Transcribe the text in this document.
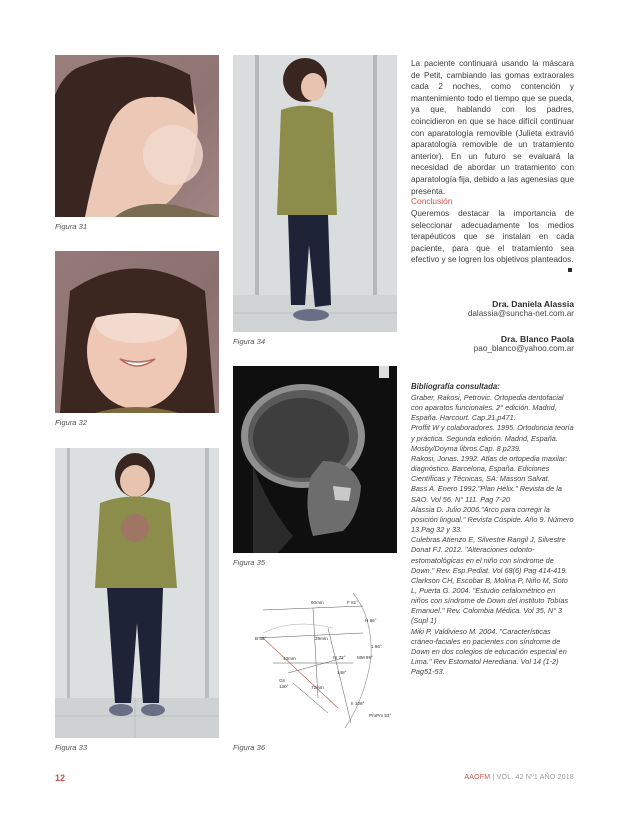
Figura 31
Figura 32
Figura 33
Figura 34
Figura 35
60mm	F 81°
H 86°
B 30°	29mm
1 86°
43mm	IS 72° MM 99°
148°
Gn
130°	72mm
II 106°
ProPm 53°
Figura 36

La paciente continuará usando la máscara de Petit, cambiando las gomas extraorales cada 2 noches, como contención y mantenimiento todo el tiempo que se pueda, ya que, hablando con los padres, coincidieron en que se hace difícil continuar con aparatología removible (Julieta extravió aparatología removible de un tratamiento anterior). En un futuro se evaluará la necesidad de abordar un tratamiento con aparatología fija, debido a las agenesias que presenta.

Conclusión

Queremos destacar la importancia de seleccionar adecuadamente los medios terapéuticos que se instalan en cada paciente, para que el tratamiento sea efectivo y se logren los objetivos planteados.

Dra. Daniela Alassia
dalassia@suncha-net.com.ar
Dra. Blanco Paola
pao_blanco@yahoo.com.ar
Bibliografía consultada:

Graber, Rakosi, Petrovic. Ortopedia dentofacial con aparatos funcionales. 2° edición. Madrid, España. Harcourt. Cap.21,p471.

Proffit W y colaboradores. 1995. Ortodoncia teoría y práctica. Segunda edición. Madrid, España. Mosby/Doyma libros.Cap. 8 p239.

Rakosi, Jonas. 1992. Atlas de ortopedia maxilar: diagnóstico. Barcelona, España. Ediciones Científicas y Técnicas, SA: Masson Salvat.

Bass A. Enero 1992."Plan Hélix." Revista de la SAO. Vol 56. N° 111. Pag 7-20

Alassia D. Julio 2006."Arco para corregir la posición lingual." Revista Cúspide. Año 9. Número 13.Pag 32 y 33.

Culebras Atienzo E, Silvestre Rangil J, Silvestre Donat FJ. 2012. "Alteraciones odonto-estomatológicas en el niño con síndrome de Down." Rev. Esp.Pediat. Vol 68(6) Pag 414-419.

Clarkson CH, Escobar B, Molina P, Niño M, Soto L, Puerta G. 2004. "Estudio cefalométrico en niños con síndrome de Down del instituto Tobías Emanuel." Rev. Colombia Médica. Vol 35, N° 3 (Supl 1)

Miki P, Valdivieso M. 2004. "Características cráneo-faciales en pacientes con síndrome de Down en dos colegios de educación especial en Lima." Rev Estomatol Herediana. Vol 14 (1-2) Pag51-53.

12	AAOFM | VOL. 42 Nº1 AÑO 2018
